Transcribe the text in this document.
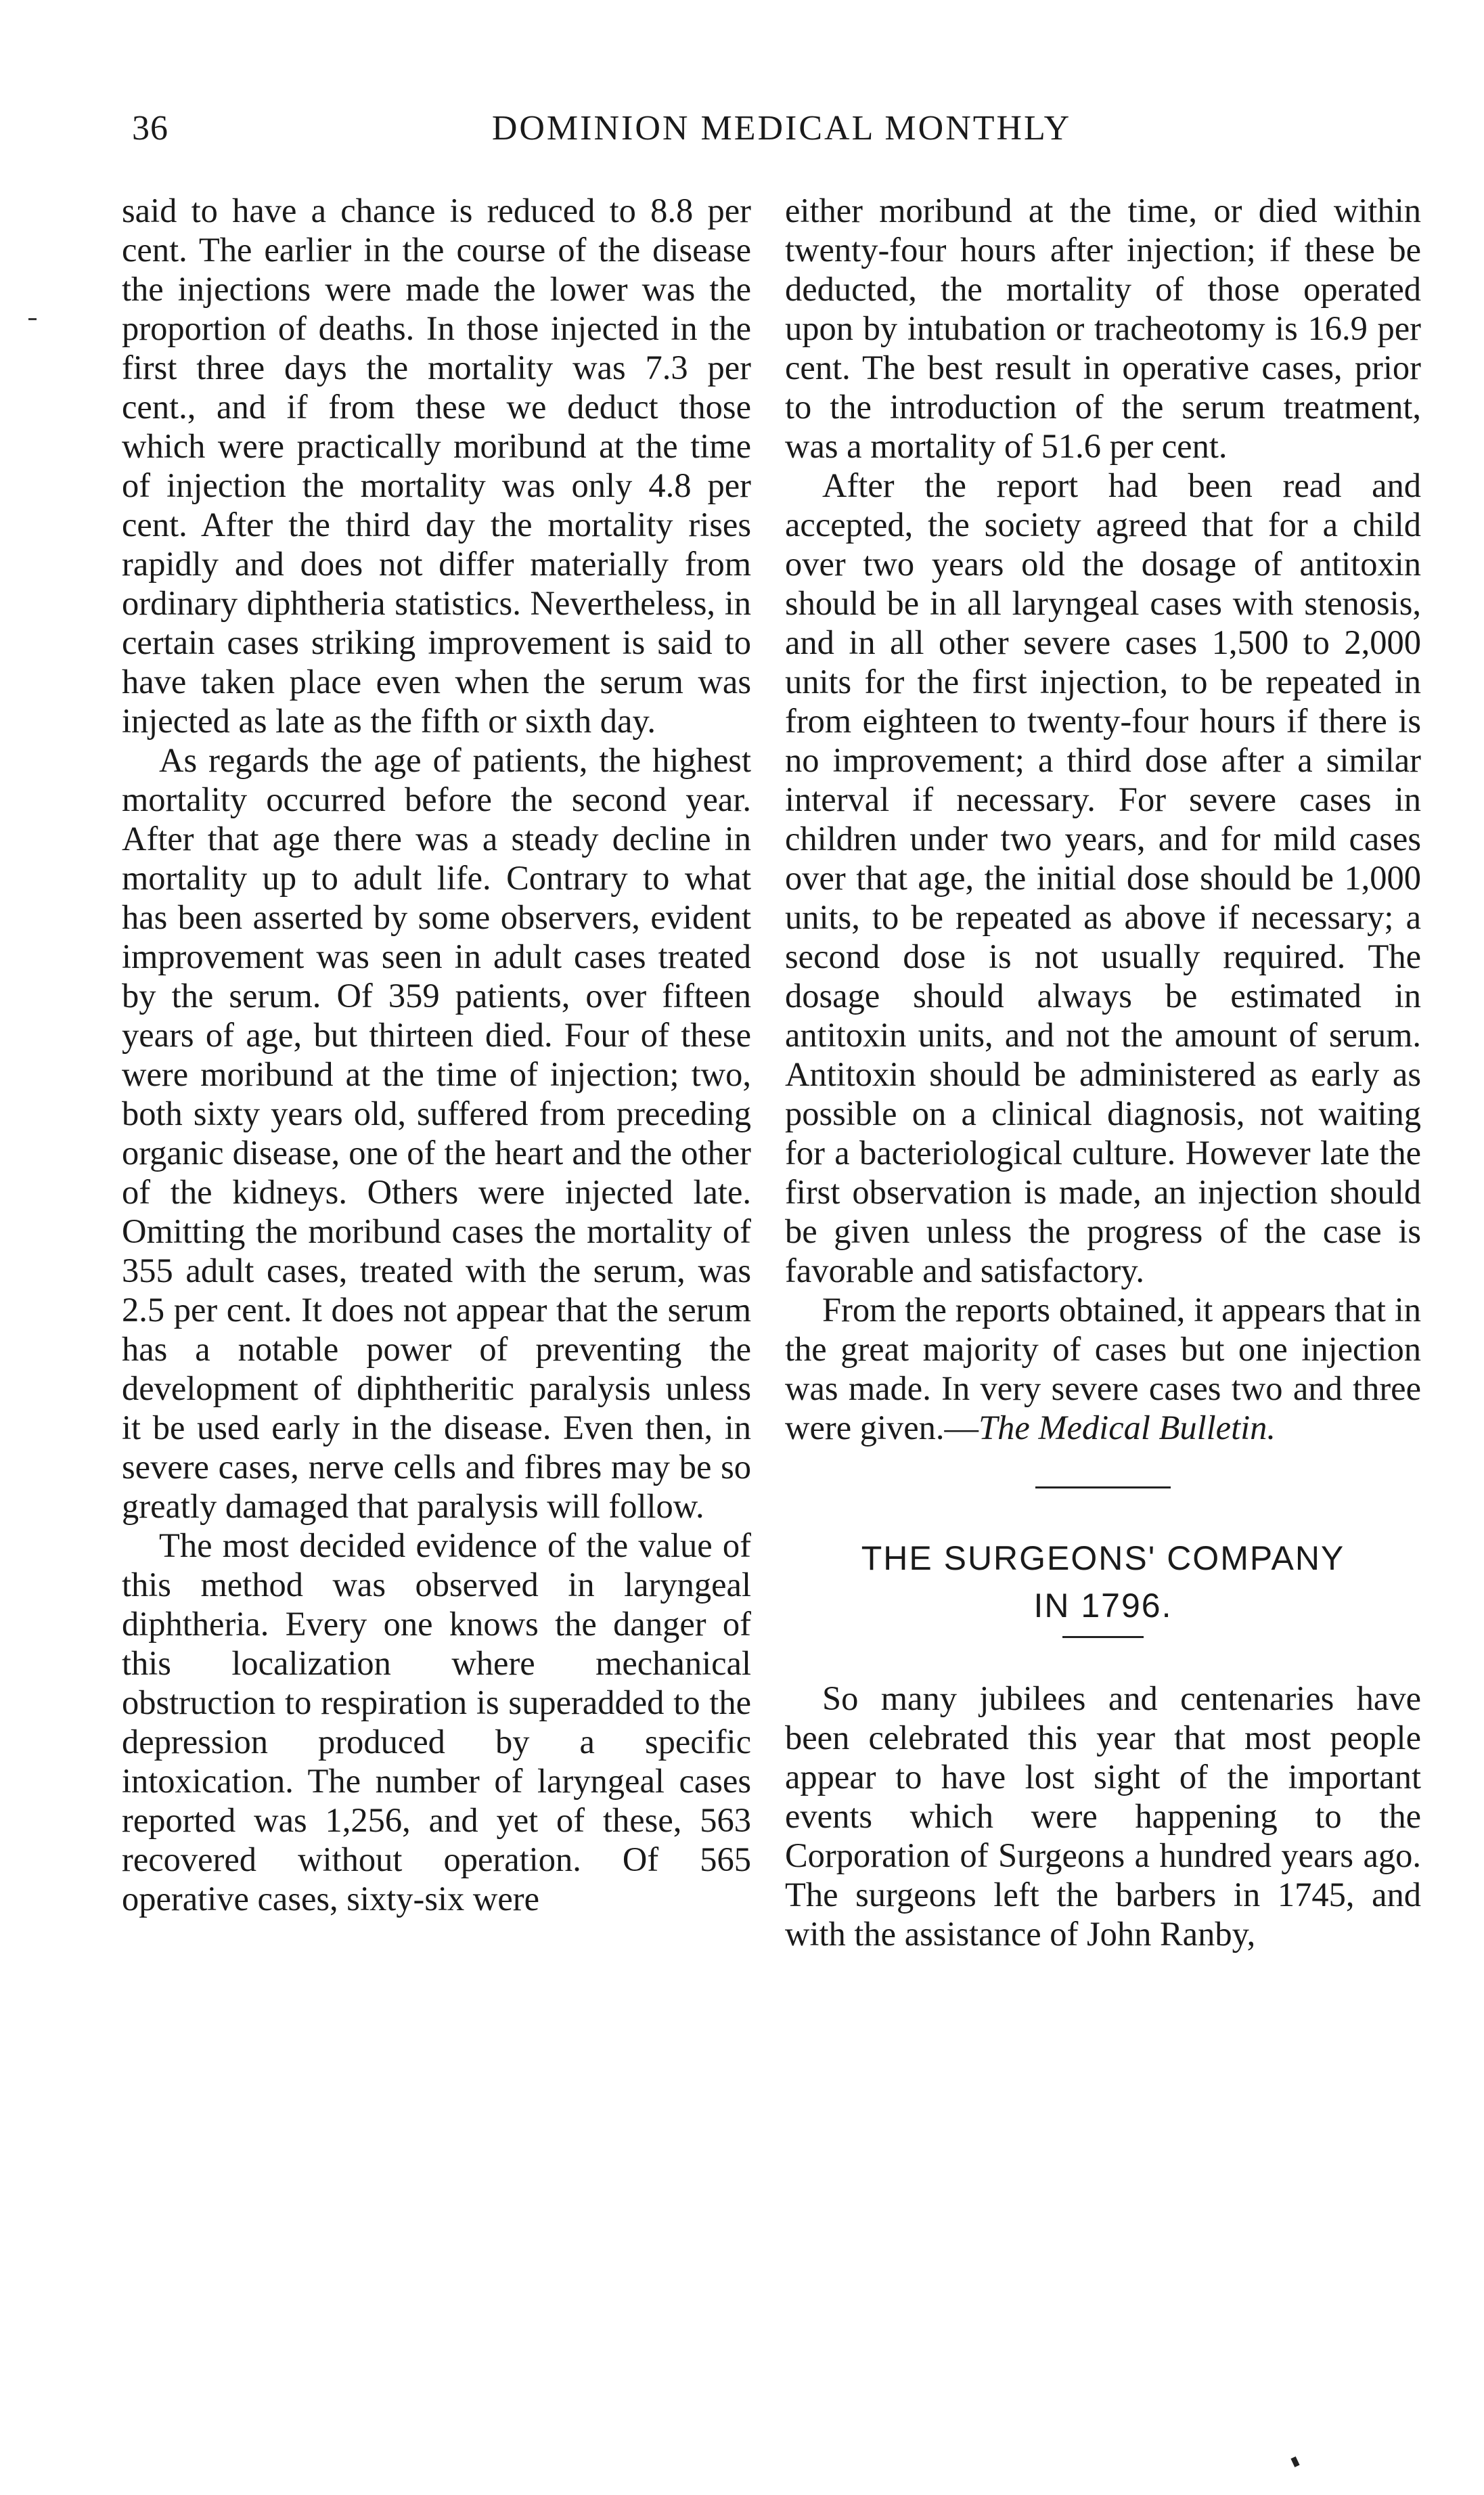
DOMINION MEDICAL MONTHLY
36

said to have a chance is reduced to 8.8 per cent. The earlier in the course of the disease the injections were made the lower was the proportion of deaths. In those injected in the first three days the mortality was 7.3 per cent., and if from these we deduct those which were practically moribund at the time of injection the mortality was only 4.8 per cent. After the third day the mortality rises rapidly and does not differ materially from ordinary diphtheria statistics. Nevertheless, in certain cases striking improvement is said to have taken place even when the serum was injected as late as the fifth or sixth day.

As regards the age of patients, the highest mortality occurred before the second year. After that age there was a steady decline in mortality up to adult life. Contrary to what has been asserted by some observers, evident improvement was seen in adult cases treated by the serum. Of 359 patients, over fifteen years of age, but thirteen died. Four of these were moribund at the time of injection; two, both sixty years old, suffered from preceding organic disease, one of the heart and the other of the kidneys. Others were injected late. Omitting the moribund cases the mortality of 355 adult cases, treated with the serum, was 2.5 per cent. It does not appear that the serum has a notable power of preventing the development of diphtheritic paralysis unless it be used early in the disease. Even then, in severe cases, nerve cells and fibres may be so greatly damaged that paralysis will follow.

The most decided evidence of the value of this method was observed in laryngeal diphtheria. Every one knows the danger of this localization where mechanical obstruction to respiration is superadded to the depression produced by a specific intoxication. The number of laryngeal cases reported was 1,256, and yet of these, 563 recovered without operation. Of 565 operative cases, sixty-six were

either moribund at the time, or died within twenty-four hours after injection; if these be deducted, the mortality of those operated upon by intubation or tracheotomy is 16.9 per cent. The best result in operative cases, prior to the introduction of the serum treatment, was a mortality of 51.6 per cent.

After the report had been read and accepted, the society agreed that for a child over two years old the dosage of antitoxin should be in all laryngeal cases with stenosis, and in all other severe cases 1,500 to 2,000 units for the first injection, to be repeated in from eighteen to twenty-four hours if there is no improvement; a third dose after a similar interval if necessary. For severe cases in children under two years, and for mild cases over that age, the initial dose should be 1,000 units, to be repeated as above if necessary; a second dose is not usually required. The dosage should always be estimated in antitoxin units, and not the amount of serum. Antitoxin should be administered as early as possible on a clinical diagnosis, not waiting for a bacteriological culture. However late the first observation is made, an injection should be given unless the progress of the case is favorable and satisfactory.

From the reports obtained, it appears that in the great majority of cases but one injection was made. In very severe cases two and three were given.—The Medical Bulletin.

THE SURGEONS' COMPANY
IN 1796.

So many jubilees and centenaries have been celebrated this year that most people appear to have lost sight of the important events which were happening to the Corporation of Surgeons a hundred years ago. The surgeons left the barbers in 1745, and with the assistance of John Ranby,
